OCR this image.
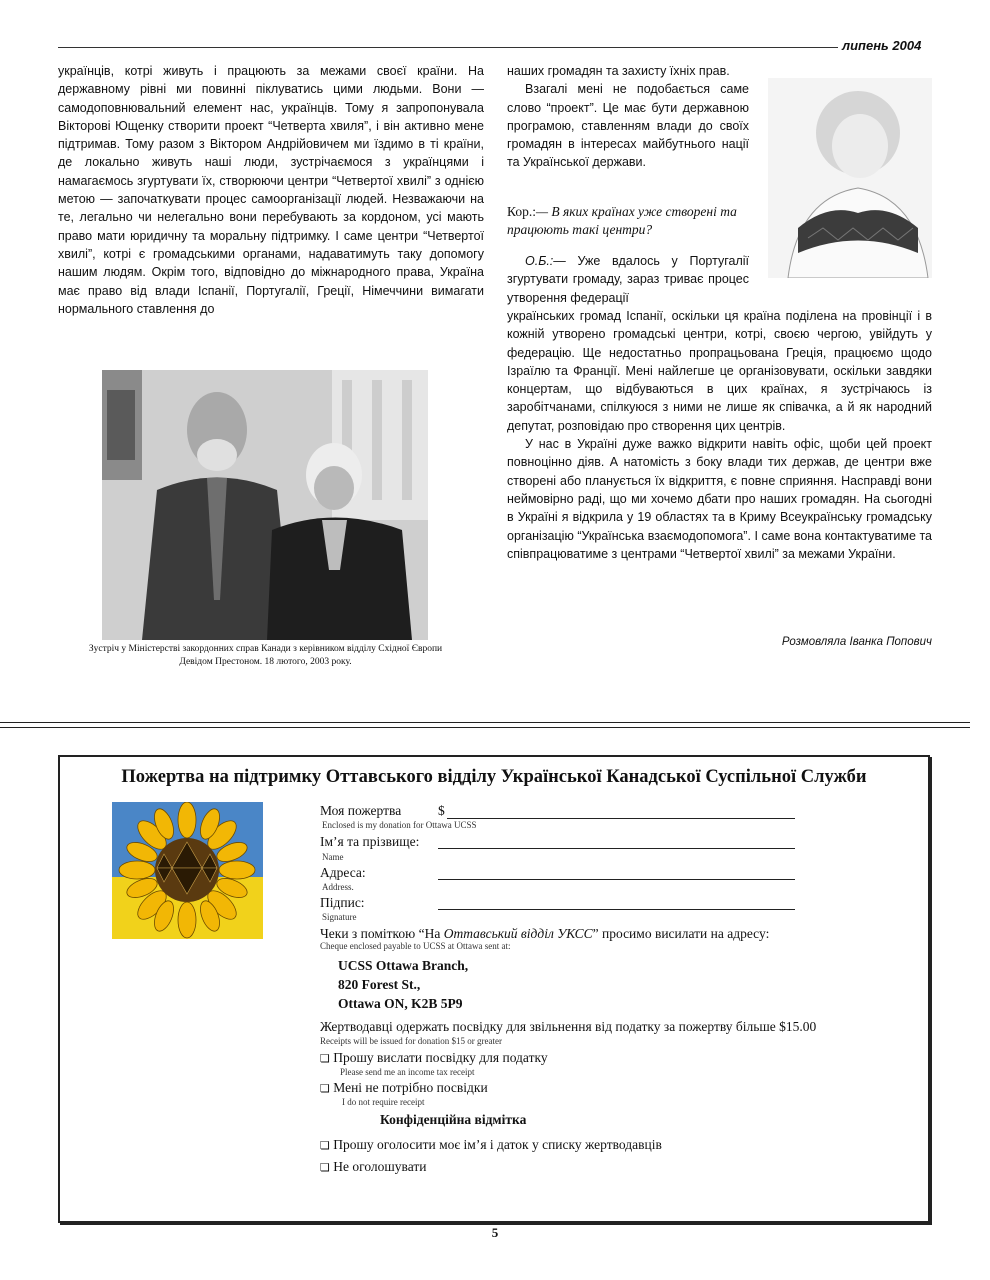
липень 2004

українців, котрі живуть і працюють за межами своєї країни. На державному рівні ми повинні піклуватись цими людьми. Вони — самодоповнювальний елемент нас, українців. Тому я запропонувала Вікторові Ющенку створити проект “Четверта хвиля”, і він активно мене підтримав. Тому разом з Віктором Андрійовичем ми їздимо в ті країни, де локально живуть наші люди, зустрічаємося з українцями і намагаємось згуртувати їх, створюючи центри “Четвертої хвилі” з однією метою — започаткувати процес самоорганізації людей. Незважаючи на те, легально чи нелегально вони перебувають за кордоном, усі мають право мати юридичну та моральну підтримку. І саме центри “Четвертої хвилі”, котрі є громадськими органами, надаватимуть таку допомогу нашим людям. Окрім того, відповідно до міжнародного права, Україна має право від влади Іспанії, Португалії, Греції, Німеччини вимагати нормального ставлення до

Зустріч у Міністерстві закордонних справ Канади з керівником відділу Східної Європи Девідом Престоном. 18 лютого, 2003 року.

наших громадян та захисту їхніх прав.

Взагалі мені не подобається саме слово “проект”. Це має бути державною програмою, ставленням влади до своїх громадян в інтересах майбутнього нації та Української держави.

Кор.:— В яких країнах уже створені та працюють такі центри?

О.Б.:— Уже вдалось у Португалії згуртувати громаду, зараз триває процес утворення федерації

українських громад Іспанії, оскільки ця країна поділена на провінції і в кожній утворено громадські центри, котрі, своєю чергою, увійдуть у федерацію. Ще недостатньо пропрацьована Греція, працюємо щодо Ізраїлю та Франції. Мені найлегше це організовувати, оскільки завдяки концертам, що відбуваються в цих країнах, я зустрічаюсь із заробітчанами, спілкуюся з ними не лише як співачка, а й як народний депутат, розповідаю про створення цих центрів.

У нас в Україні дуже важко відкрити навіть офіс, щоби цей проект повноцінно діяв. А натомість з боку влади тих держав, де центри вже створені або планується їх відкриття, є повне сприяння. Насправді вони неймовірно раді, що ми хочемо дбати про наших громадян. На сьогодні в Україні я відкрила у 19 областях та в Криму Всеукраїнську громадську організацію “Українська взаємодопомога”. І саме вона контактуватиме та співпрацюватиме з центрами “Четвертої хвилі” за межами України.

Розмовляла Іванка Попович
Пожертва на підтримку Оттавського відділу Української Канадської Суспільної Служби
Моя пожертва	$
Enclosed is my donation for Ottawa UCSS
Ім’я та прізвище:
Name
Адреса:
Address.
Підпис:
Signature
Чеки з поміткою “На Оттавський відділ УКСС” просимо висилати на адресу:
Cheque enclosed payable to UCSS at Ottawa sent at:
UCSS Ottawa Branch,
820 Forest St.,
Ottawa ON, K2B 5P9
Жертводавці одержать посвідку для звільнення від податку за пожертву більше $15.00
Receipts will be issued for donation $15 or greater
❏ Прошу вислати посвідку для податку
Please send me an income tax receipt
❏ Мені не потрібно посвідки
I do not require receipt
Конфіденційна відмітка
❏ Прошу оголосити моє ім’я і даток у списку жертводавців
❏ Не оголошувати
5
